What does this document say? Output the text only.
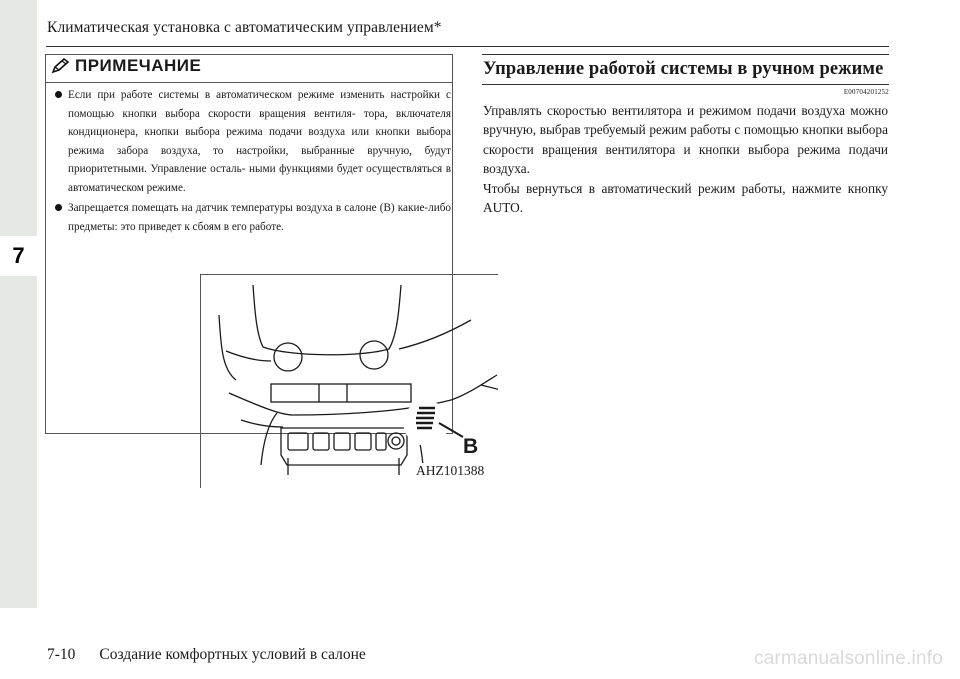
7
Климатическая установка с автоматическим управлением*
ПРИМЕЧАНИЕ
Если при работе системы в автоматическом режиме изменить настройки с помощью кнопки выбора скорости вращения вентиля- тора, включателя кондиционера, кнопки выбора режима подачи воздуха или кнопки выбора режима забора воздуха, то настройки, выбранные вручную, будут приоритетными. Управление осталь- ными функциями будет осуществляться в автоматическом режиме.
Запрещается помещать на датчик температуры воздуха в салоне (B) какие-либо предметы: это приведет к сбоям в его работе.
B
AHZ101388
Управление работой системы в ручном режиме
E00704201252

Управлять скоростью вентилятора и режимом подачи воздуха можно вручную, выбрав требуемый режим работы с помощью кнопки выбора скорости вращения вентилятора и кнопки выбора режима подачи воздуха.

Чтобы вернуться в автоматический режим работы, нажмите кнопку AUTO.

7-10 Создание комфортных условий в салоне	carmanualsonline.info
